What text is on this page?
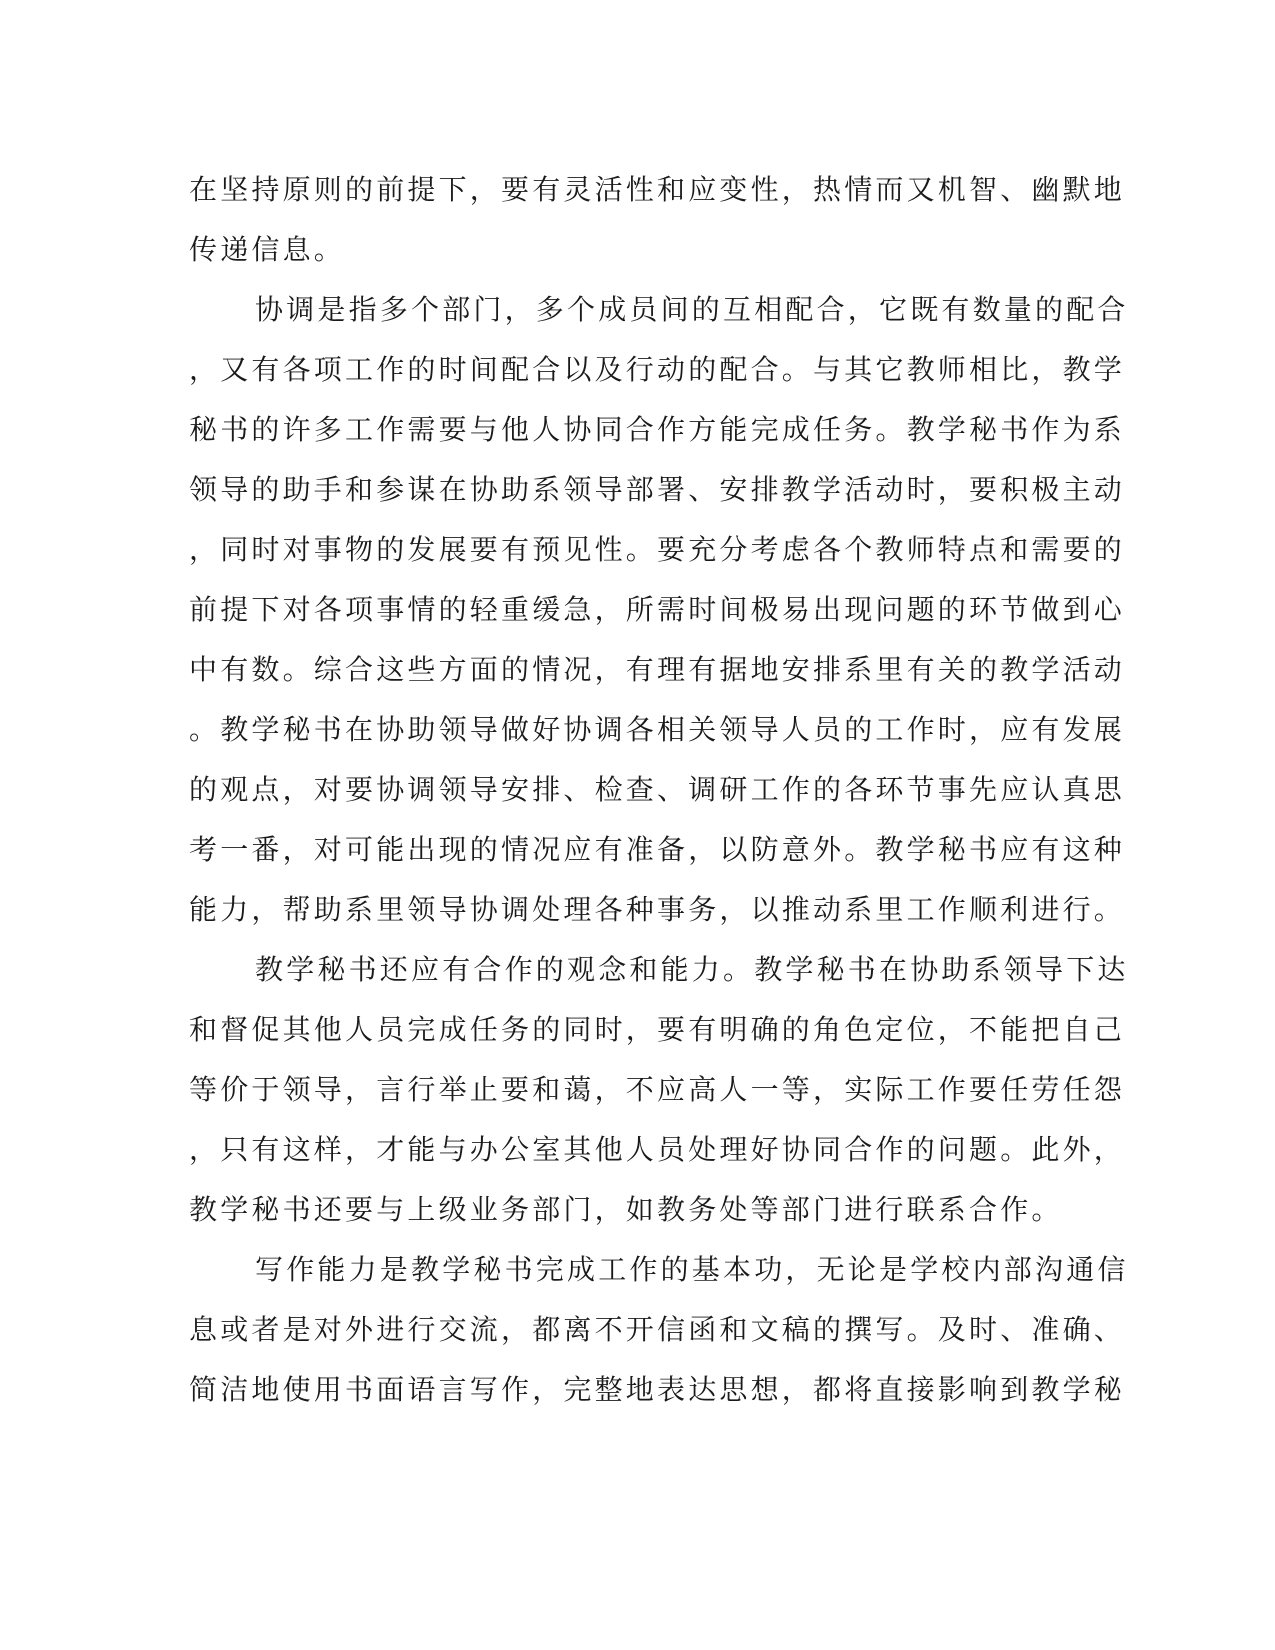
在坚持原则的前提下，要有灵活性和应变性，热情而又机智、幽默地
传递信息。
协调是指多个部门，多个成员间的互相配合，它既有数量的配合
，又有各项工作的时间配合以及行动的配合。与其它教师相比，教学
秘书的许多工作需要与他人协同合作方能完成任务。教学秘书作为系
领导的助手和参谋在协助系领导部署、安排教学活动时，要积极主动
，同时对事物的发展要有预见性。要充分考虑各个教师特点和需要的
前提下对各项事情的轻重缓急，所需时间极易出现问题的环节做到心
中有数。综合这些方面的情况，有理有据地安排系里有关的教学活动
。教学秘书在协助领导做好协调各相关领导人员的工作时，应有发展
的观点，对要协调领导安排、检查、调研工作的各环节事先应认真思
考一番，对可能出现的情况应有准备，以防意外。教学秘书应有这种
能力，帮助系里领导协调处理各种事务，以推动系里工作顺利进行。
教学秘书还应有合作的观念和能力。教学秘书在协助系领导下达
和督促其他人员完成任务的同时，要有明确的角色定位，不能把自己
等价于领导，言行举止要和蔼，不应高人一等，实际工作要任劳任怨
，只有这样，才能与办公室其他人员处理好协同合作的问题。此外，
教学秘书还要与上级业务部门，如教务处等部门进行联系合作。
写作能力是教学秘书完成工作的基本功，无论是学校内部沟通信
息或者是对外进行交流，都离不开信函和文稿的撰写。及时、准确、
简洁地使用书面语言写作，完整地表达思想，都将直接影响到教学秘
